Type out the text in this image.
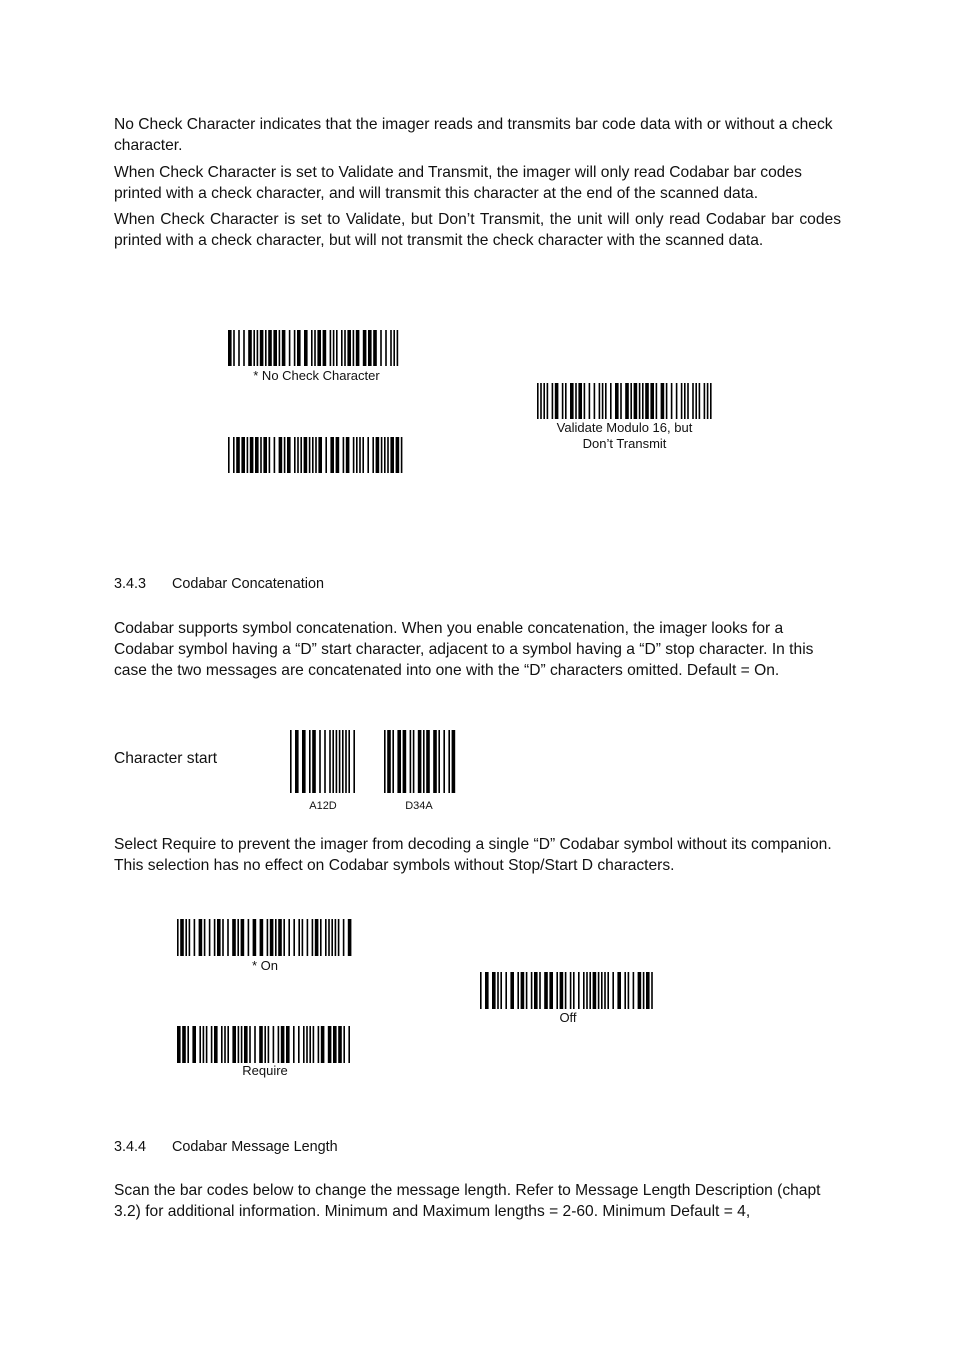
No Check Character indicates that the imager reads and transmits bar code data with or without a check character.

When Check Character is set to Validate and Transmit, the imager will only read Codabar bar codes printed with a check character, and will transmit this character at the end of the scanned data.

When Check Character is set to Validate, but Don’t Transmit, the unit will only read Codabar bar codes printed with a check character, but will not transmit the check character with the scanned data.

* No Check Character
Validate Modulo 16, but
Don’t Transmit
3.4.3 Codabar Concatenation

Codabar supports symbol concatenation. When you enable concatenation, the imager looks for a Codabar symbol having a “D” start character, adjacent to a symbol having a “D” stop character. In this case the two messages are concatenated into one with the “D” characters omitted. Default = On.

Character start
A12D	D34A

Select Require to prevent the imager from decoding a single “D” Codabar symbol without its companion. This selection has no effect on Codabar symbols without Stop/Start D characters.

* On
Off
Require
3.4.4 Codabar Message Length

Scan the bar codes below to change the message length. Refer to Message Length Description (chapt 3.2) for additional information. Minimum and Maximum lengths = 2-60. Minimum Default = 4,
